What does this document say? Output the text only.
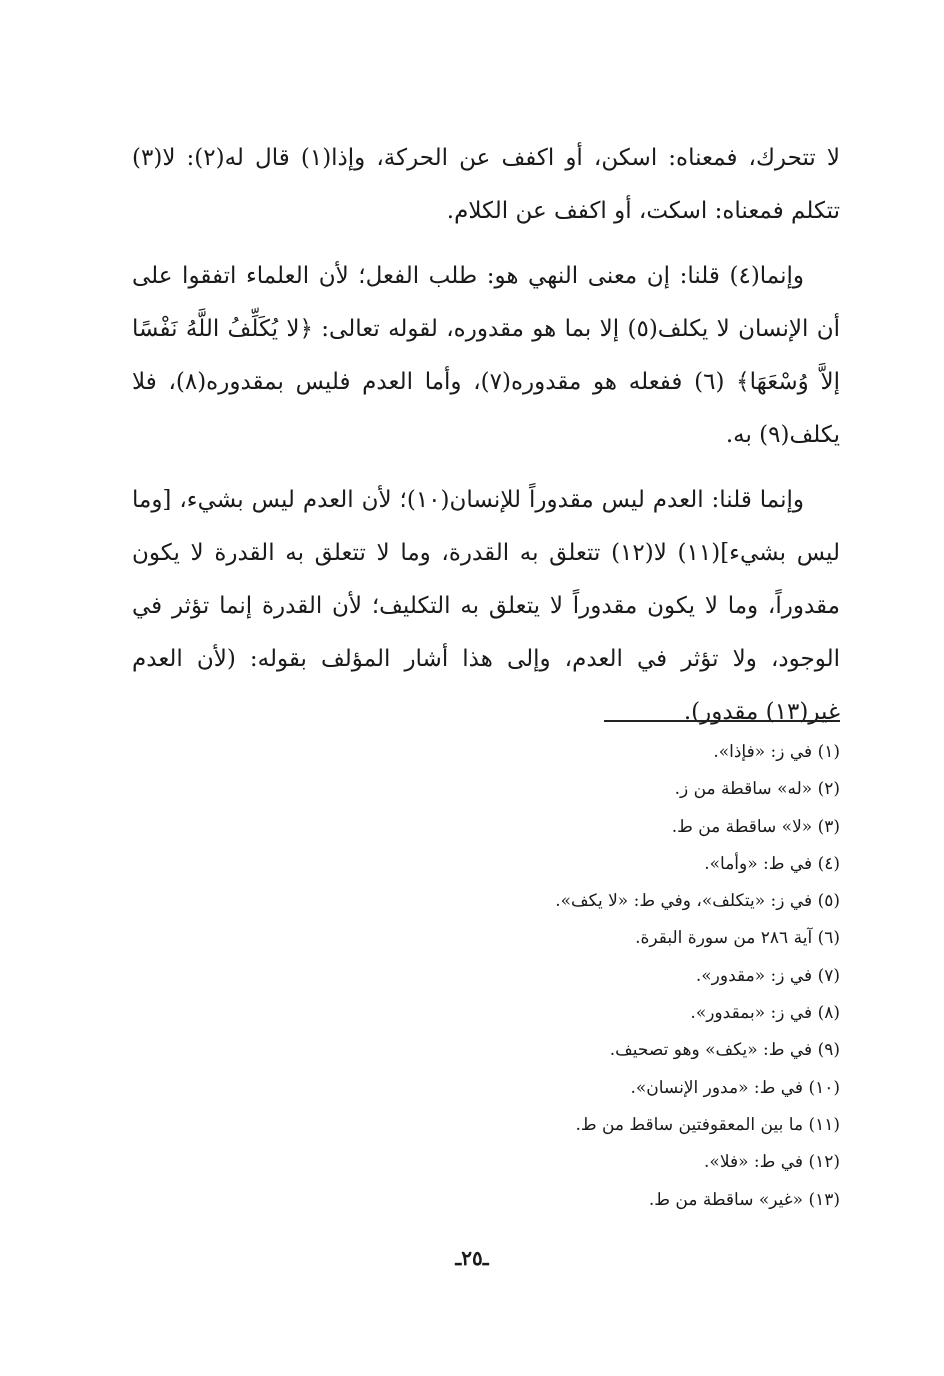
لا تتحرك، فمعناه: اسكن، أو اكفف عن الحركة، وإذا(١) قال له(٢): لا(٣) تتكلم فمعناه: اسكت، أو اكفف عن الكلام.

وإنما(٤) قلنا: إن معنى النهي هو: طلب الفعل؛ لأن العلماء اتفقوا على أن الإنسان لا يكلف(٥) إلا بما هو مقدوره، لقوله تعالى: ﴿لا يُكَلِّفُ اللَّهُ نَفْسًا إلاَّ وُسْعَهَا﴾ (٦) ففعله هو مقدوره(٧)، وأما العدم فليس بمقدوره(٨)، فلا يكلف(٩) به.

وإنما قلنا: العدم ليس مقدوراً للإنسان(١٠)؛ لأن العدم ليس بشيء، [وما ليس بشيء](١١) لا(١٢) تتعلق به القدرة، وما لا تتعلق به القدرة لا يكون مقدوراً، وما لا يكون مقدوراً لا يتعلق به التكليف؛ لأن القدرة إنما تؤثر في الوجود، ولا تؤثر في العدم، وإلى هذا أشار المؤلف بقوله: (لأن العدم غير(١٣) مقدور).

(١) في ز: «فإذا».
(٢) «له» ساقطة من ز.
(٣) «لا» ساقطة من ط.
(٤) في ط: «وأما».
(٥) في ز: «يتكلف»، وفي ط: «لا يكف».
(٦) آية ٢٨٦ من سورة البقرة.
(٧) في ز: «مقدور».
(٨) في ز: «بمقدور».
(٩) في ط: «يكف» وهو تصحيف.
(١٠) في ط: «مدور الإنسان».
(١١) ما بين المعقوفتين ساقط من ط.
(١٢) في ط: «فلا».
(١٣) «غير» ساقطة من ط.
ـ٢٥ـ
